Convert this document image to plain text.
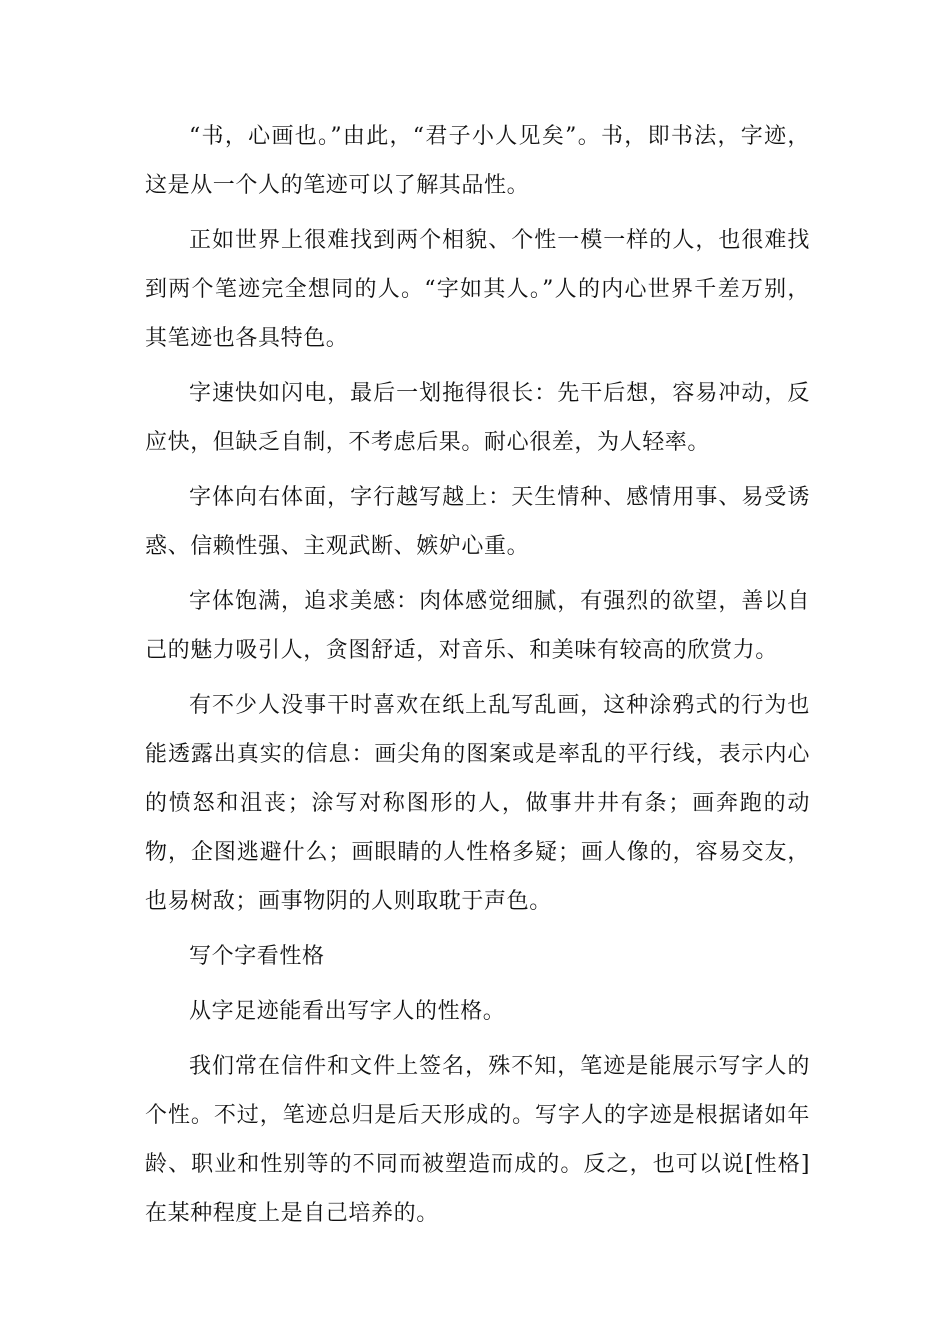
“书，心画也。”由此，“君子小人见矣”。书，即书法，字迹，这是从一个人的笔迹可以了解其品性。

正如世界上很难找到两个相貌、个性一模一样的人，也很难找到两个笔迹完全想同的人。“字如其人。”人的内心世界千差万别，其笔迹也各具特色。

字速快如闪电，最后一划拖得很长：先干后想，容易冲动，反应快，但缺乏自制，不考虑后果。耐心很差，为人轻率。

字体向右体面，字行越写越上：天生情种、感情用事、易受诱惑、信赖性强、主观武断、嫉妒心重。

字体饱满，追求美感：肉体感觉细腻，有强烈的欲望，善以自己的魅力吸引人，贪图舒适，对音乐、和美味有较高的欣赏力。

有不少人没事干时喜欢在纸上乱写乱画，这种涂鸦式的行为也能透露出真实的信息：画尖角的图案或是率乱的平行线，表示内心的愤怒和沮丧；涂写对称图形的人，做事井井有条；画奔跑的动物，企图逃避什么；画眼睛的人性格多疑；画人像的，容易交友，也易树敌；画事物阴的人则取耽于声色。

写个字看性格

从字足迹能看出写字人的性格。

我们常在信件和文件上签名，殊不知，笔迹是能展示写字人的个性。不过，笔迹总归是后天形成的。写字人的字迹是根据诸如年龄、职业和性别等的不同而被塑造而成的。反之，也可以说[性格]在某种程度上是自己培养的。
